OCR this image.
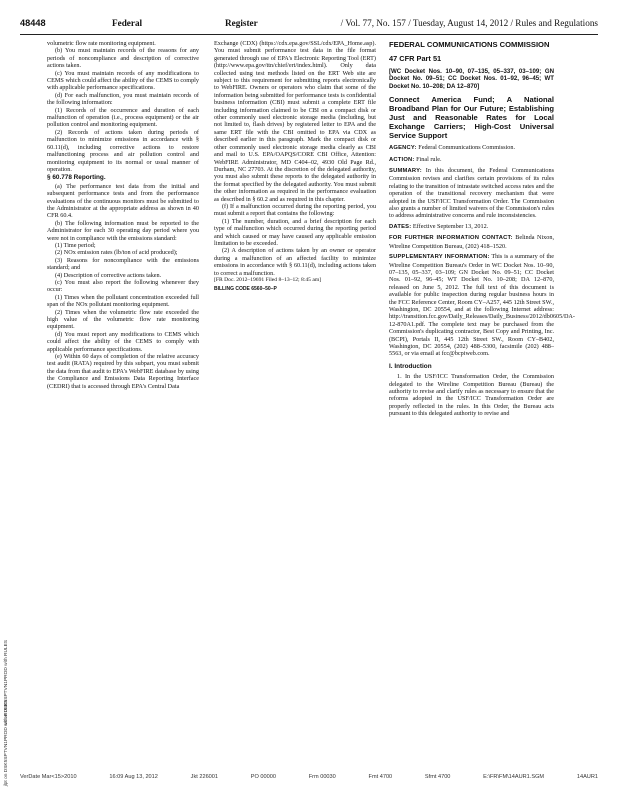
48448	Federal	Register	/ Vol. 77, No. 157 / Tuesday, August 14, 2012 / Rules and Regulations
srt on DSK5SPTVN1PROD with RULES
jlpt on DSK5SPTVN1PROD with RULES

volumetric flow rate monitoring equipment.

(b) You must maintain records of the reasons for any periods of noncompliance and description of corrective actions taken.

(c) You must maintain records of any modifications to CEMS which could affect the ability of the CEMS to comply with applicable performance specifications.

(d) For each malfunction, you must maintain records of the following information:

(1) Records of the occurrence and duration of each malfunction of operation (i.e., process equipment) or the air pollution control and monitoring equipment.

(2) Records of actions taken during periods of malfunction to minimize emissions in accordance with § 60.11(d), including corrective actions to restore malfunctioning process and air pollution control and monitoring equipment to its normal or usual manner of operation.

§ 60.778 Reporting.

(a) The performance test data from the initial and subsequent performance tests and from the performance evaluations of the continuous monitors must be submitted to the Administrator at the appropriate address as shown in 40 CFR 60.4.

(b) The following information must be reported to the Administrator for each 30 operating day period where you were not in compliance with the emissions standard:

(1) Time period;

(2) NOx emission rates (lb/ton of acid produced);

(3) Reasons for noncompliance with the emissions standard; and

(4) Description of corrective actions taken.

(c) You must also report the following whenever they occur:

(1) Times when the pollutant concentration exceeded full span of the NOx pollutant monitoring equipment.

(2) Times when the volumetric flow rate exceeded the high value of the volumetric flow rate monitoring equipment.

(d) You must report any modifications to CEMS which could affect the ability of the CEMS to comply with applicable performance specifications.

(e) Within 60 days of completion of the relative accuracy test audit (RATA) required by this subpart, you must submit the data from that audit to EPA's WebFIRE database by using the Compliance and Emissions Data Reporting Interface (CEDRI) that is accessed through EPA's Central Data

Exchange (CDX) (https://cdx.epa.gov/SSL/cdx/EPA_Home.asp). You must submit performance test data in the file format generated through use of EPA's Electronic Reporting Tool (ERT) (http://www.epa.gov/ttn/chief/ert/index.html). Only data collected using test methods listed on the ERT Web site are subject to this requirement for submitting reports electronically to WebFIRE. Owners or operators who claim that some of the information being submitted for performance tests is confidential business information (CBI) must submit a complete ERT file including information claimed to be CBI on a compact disk or other commonly used electronic storage media (including, but not limited to, flash drives) by registered letter to EPA and the same ERT file with the CBI omitted to EPA via CDX as described earlier in this paragraph. Mark the compact disk or other commonly used electronic storage media clearly as CBI and mail to U.S. EPA/OAPQS/CORE CBI Office, Attention: WebFIRE Administrator, MD C404–02, 4930 Old Page Rd., Durham, NC 27703. At the discretion of the delegated authority, you must also submit these reports to the delegated authority in the format specified by the delegated authority. You must submit the other information as required in the performance evaluation as described in § 60.2 and as required in this chapter.

(f) If a malfunction occurred during the reporting period, you must submit a report that contains the following:

(1) The number, duration, and a brief description for each type of malfunction which occurred during the reporting period and which caused or may have caused any applicable emission limitation to be exceeded.

(2) A description of actions taken by an owner or operator during a malfunction of an affected facility to minimize emissions in accordance with § 60.11(d), including actions taken to correct a malfunction.

[FR Doc. 2012–19691 Filed 8–13–12; 8:45 am]

BILLING CODE 6560–50–P

FEDERAL COMMUNICATIONS COMMISSION
47 CFR Part 51
[WC Docket Nos. 10–90, 07–135, 05–337, 03–109; GN Docket No. 09–51; CC Docket Nos. 01–92, 96–45; WT Docket No. 10–208; DA 12–870]
Connect America Fund; A National Broadband Plan for Our Future; Establishing Just and Reasonable Rates for Local Exchange Carriers; High-Cost Universal Service Support
AGENCY: Federal Communications Commission.
ACTION: Final rule.
SUMMARY: In this document, the Federal Communications Commission revises and clarifies certain provisions of its rules relating to the transition of intrastate switched access rates and the operation of the transitional recovery mechanism that were adopted in the USF/ICC Transformation Order. The Commission also grants a number of limited waivers of the Commission's rules to address administrative concerns and rule inconsistencies.
DATES: Effective September 13, 2012.
FOR FURTHER INFORMATION CONTACT: Belinda Nixon, Wireline Competition Bureau, (202) 418–1520.
SUPPLEMENTARY INFORMATION: This is a summary of the Wireline Competition Bureau's Order in WC Docket Nos. 10–90, 07–135, 05–337, 03–109; GN Docket No. 09–51; CC Docket Nos. 01–92, 96–45; WT Docket No. 10–208; DA 12–870, released on June 5, 2012. The full text of this document is available for public inspection during regular business hours in the FCC Reference Center, Room CY–A257, 445 12th Street SW., Washington, DC 20554, and at the following Internet address: http://transition.fcc.gov/Daily_Releases/Daily_Business/2012/db0605/DA-12-870A1.pdf. The complete text may be purchased from the Commission's duplicating contractor, Best Copy and Printing, Inc. (BCPI), Portals II, 445 12th Street SW., Room CY–B402, Washington, DC 20554, (202) 488–5300, facsimile (202) 488–5563, or via email at fcc@bcpiweb.com.
I. Introduction

1. In the USF/ICC Transformation Order, the Commission delegated to the Wireline Competition Bureau (Bureau) the authority to revise and clarify rules as necessary to ensure that the reforms adopted in the USF/ICC Transformation Order are properly reflected in the rules. In this Order, the Bureau acts pursuant to this delegated authority to revise and

VerDate Mar<15>2010	16:09 Aug 13, 2012	Jkt 226001	PO 00000	Frm 00030	Fmt 4700	Sfmt 4700	E:\FR\FM\14AUR1.SGM	14AUR1
